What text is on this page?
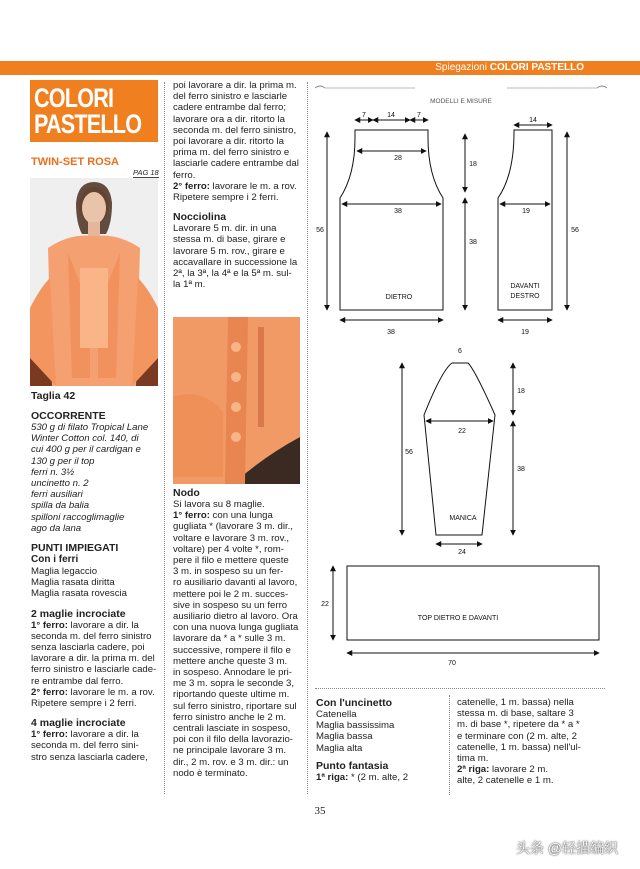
Spiegazioni COLORI PASTELLO
COLORI
PASTELLO
TWIN-SET ROSA
PAG 18

Taglia 42

OCCORRENTE

530 g di filato Tropical Lane

Winter Cotton col. 140, di

cui 400 g per il cardigan e

130 g per il top

ferri n. 3½

uncinetto n. 2

ferri ausiliari

spilla da balia

spilloni raccoglimaglie

ago da lana

PUNTI IMPIEGATI

Con i ferri

Maglia legaccio

Maglia rasata diritta

Maglia rasata rovescia

2 maglie incrociate

1° ferro: lavorare a dir. la

seconda m. del ferro sinistro

senza lasciarla cadere, poi

lavorare a dir. la prima m. del

ferro sinistro e lasciarle cade-

re entrambe dal ferro.

2° ferro: lavorare le m. a rov.

Ripetere sempre i 2 ferri.

4 maglie incrociate

1° ferro: lavorare a dir. la

seconda m. del ferro sini-

stro senza lasciarla cadere,

poi lavorare a dir. la prima m.

del ferro sinistro e lasciarle

cadere entrambe dal ferro;

lavorare ora a dir. ritorto la

seconda m. del ferro sinistro,

poi lavorare a dir. ritorto la

prima m. del ferro sinistro e

lasciarle cadere entrambe dal

ferro.

2° ferro: lavorare le m. a rov.

Ripetere sempre i 2 ferri.

Nocciolina

Lavorare 5 m. dir. in una

stessa m. di base, girare e

lavorare 5 m. rov., girare e

accavallare in successione la

2ª, la 3ª, la 4ª e la 5ª m. sul-

la 1ª m.

Nodo

Si lavora su 8 maglie.

1° ferro: con una lunga

gugliata * (lavorare 3 m. dir.,

voltare e lavorare 3 m. rov.,

voltare) per 4 volte *, rom-

pere il filo e mettere queste

3 m. in sospeso su un fer-

ro ausiliario davanti al lavoro,

mettere poi le 2 m. succes-

sive in sospeso su un ferro

ausiliario dietro al lavoro. Ora

con una nuova lunga gugliata

lavorare da * a * sulle 3 m.

successive, rompere il filo e

mettere anche queste 3 m.

in sospeso. Annodare le pri-

me 3 m. sopra le seconde 3,

riportando queste ultime m.

sul ferro sinistro, riportare sul

ferro sinistro anche le 2 m.

centrali lasciate in sospeso,

poi con il filo della lavorazio-

ne principale lavorare 3 m.

dir., 2 m. rov. e 3 m. dir.: un

nodo è terminato.

MODELLI E MISURE
7	14	7
28
38
38
56
18
38
DIETRO
14
19
19
56
DAVANTI
DESTRO
6
22
24
56
18
38
MANICA
22
70
TOP DIETRO E DAVANTI

Con l'uncinetto

Catenella

Maglia bassissima

Maglia bassa

Maglia alta

Punto fantasia

1ª riga: * (2 m. alte, 2

catenelle, 1 m. bassa) nella

stessa m. di base, saltare 3

m. di base *, ripetere da * a *

e terminare con (2 m. alte, 2

catenelle, 1 m. bassa) nell'ul-

tima m.

2ª riga: lavorare 2 m.

alte, 2 catenelle e 1 m.

35
头条 @轻描编织
